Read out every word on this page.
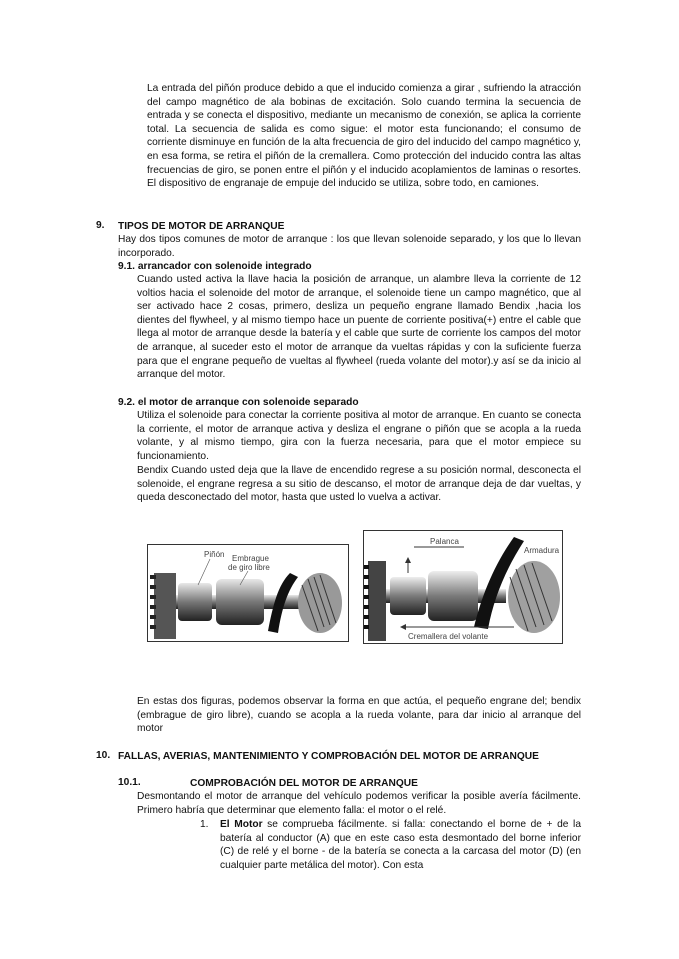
La entrada del piñón produce debido a que el inducido comienza a girar , sufriendo la atracción del campo magnético de ala bobinas de excitación. Solo cuando termina la secuencia de entrada y se conecta el dispositivo, mediante un mecanismo de conexión, se aplica la corriente total. La secuencia de salida es como sigue: el motor esta funcionando; el consumo de corriente disminuye en función de la alta frecuencia de giro del inducido del campo magnético y, en esa forma, se retira el piñón de la cremallera. Como protección del inducido contra las altas frecuencias de giro, se ponen entre el piñón y el inducido acoplamientos de laminas o resortes. El dispositivo de engranaje de empuje del inducido se utiliza, sobre todo, en camiones.

9. TIPOS DE MOTOR DE ARRANQUE

Hay dos tipos comunes de motor de arranque : los que llevan solenoide separado, y los que lo llevan incorporado.

9.1. arrancador con solenoide integrado

Cuando usted activa la llave hacia la posición de arranque, un alambre lleva la corriente de 12 voltios hacia el solenoide del motor de arranque, el solenoide tiene un campo magnético, que al ser activado hace 2 cosas, primero, desliza un pequeño engrane llamado Bendix ,hacia los dientes del flywheel, y al mismo tiempo hace un puente de corriente positiva(+) entre el cable que llega al motor de arranque desde la batería y el cable que surte de corriente los campos del motor de arranque, al suceder esto el motor de arranque da vueltas rápidas y con la suficiente fuerza para que el engrane pequeño de vueltas al flywheel (rueda volante del motor).y así se da inicio al arranque del motor.

9.2. el motor de arranque con solenoide separado

Utiliza el solenoide para conectar la corriente positiva al motor de arranque. En cuanto se conecta la corriente, el motor de arranque activa y desliza el engrane o piñón que se acopla a la rueda volante, y al mismo tiempo, gira con la fuerza necesaria, para que el motor empiece su funcionamiento.

Bendix Cuando usted deja que la llave de encendido regrese a su posición normal, desconecta el solenoide, el engrane regresa a su sitio de descanso, el motor de arranque deja de dar vueltas, y queda desconectado del motor, hasta que usted lo vuelva a activar.

Piñón Embrague
de giro libre
Palanca
Armadura
Cremallera del volante

En estas dos figuras, podemos observar la forma en que actúa, el pequeño engrane del; bendix (embrague de giro libre), cuando se acopla a la rueda volante, para dar inicio al arranque del motor

10. FALLAS, AVERIAS, MANTENIMIENTO Y COMPROBACIÓN DEL MOTOR DE ARRANQUE

10.1.	COMPROBACIÓN DEL MOTOR DE ARRANQUE

Desmontando el motor de arranque del vehículo podemos verificar la posible avería fácilmente. Primero habría que determinar que elemento falla: el motor o el relé.

1. El Motor se comprueba fácilmente. si falla: conectando el borne de + de la batería al conductor (A) que en este caso esta desmontado del borne inferior (C) de relé y el borne - de la batería se conecta a la carcasa del motor (D) (en cualquier parte metálica del motor). Con esta
